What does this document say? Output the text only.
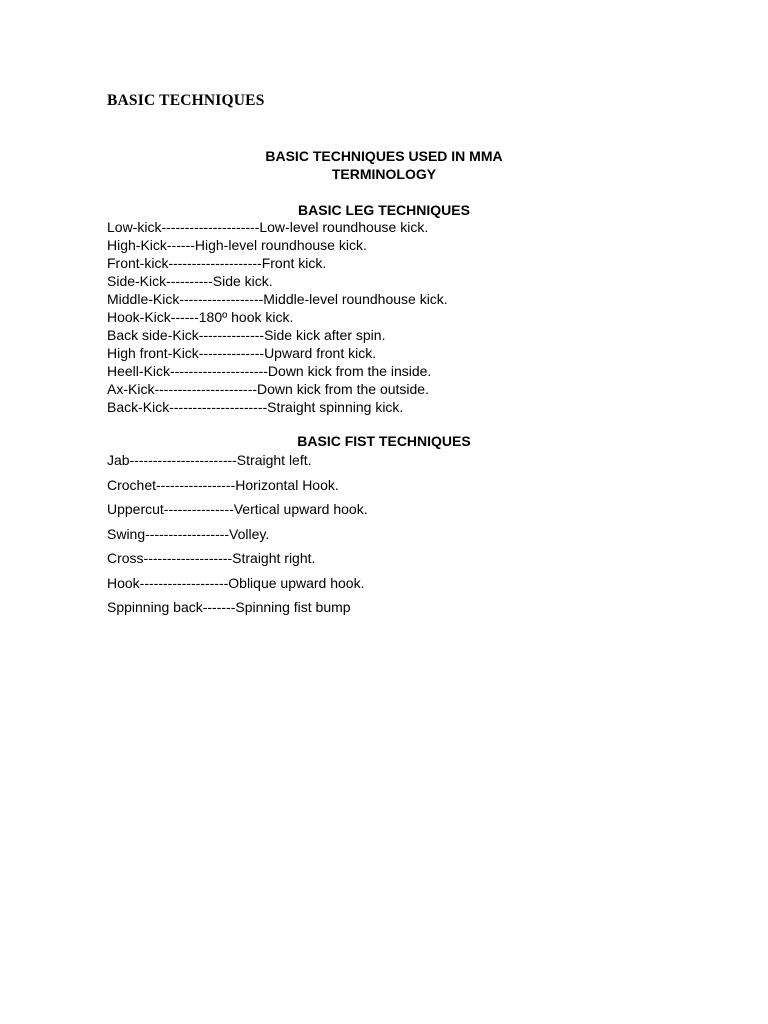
BASIC TECHNIQUES
BASIC TECHNIQUES USED IN MMA
TERMINOLOGY
BASIC LEG TECHNIQUES
Low-kick---------------------Low-level roundhouse kick.
High-Kick------High-level roundhouse kick.
Front-kick--------------------Front kick.
Side-Kick----------Side kick.
Middle-Kick------------------Middle-level roundhouse kick.
Hook-Kick------180º hook kick.
Back side-Kick--------------Side kick after spin.
High front-Kick--------------Upward front kick.
Heell-Kick---------------------Down kick from the inside.
Ax-Kick----------------------Down kick from the outside.
Back-Kick---------------------Straight spinning kick.
BASIC FIST TECHNIQUES
Jab-----------------------Straight left.
Crochet-----------------Horizontal Hook.
Uppercut---------------Vertical upward hook.
Swing------------------Volley.
Cross-------------------Straight right.
Hook-------------------Oblique upward hook.
Sppinning back-------Spinning fist bump
